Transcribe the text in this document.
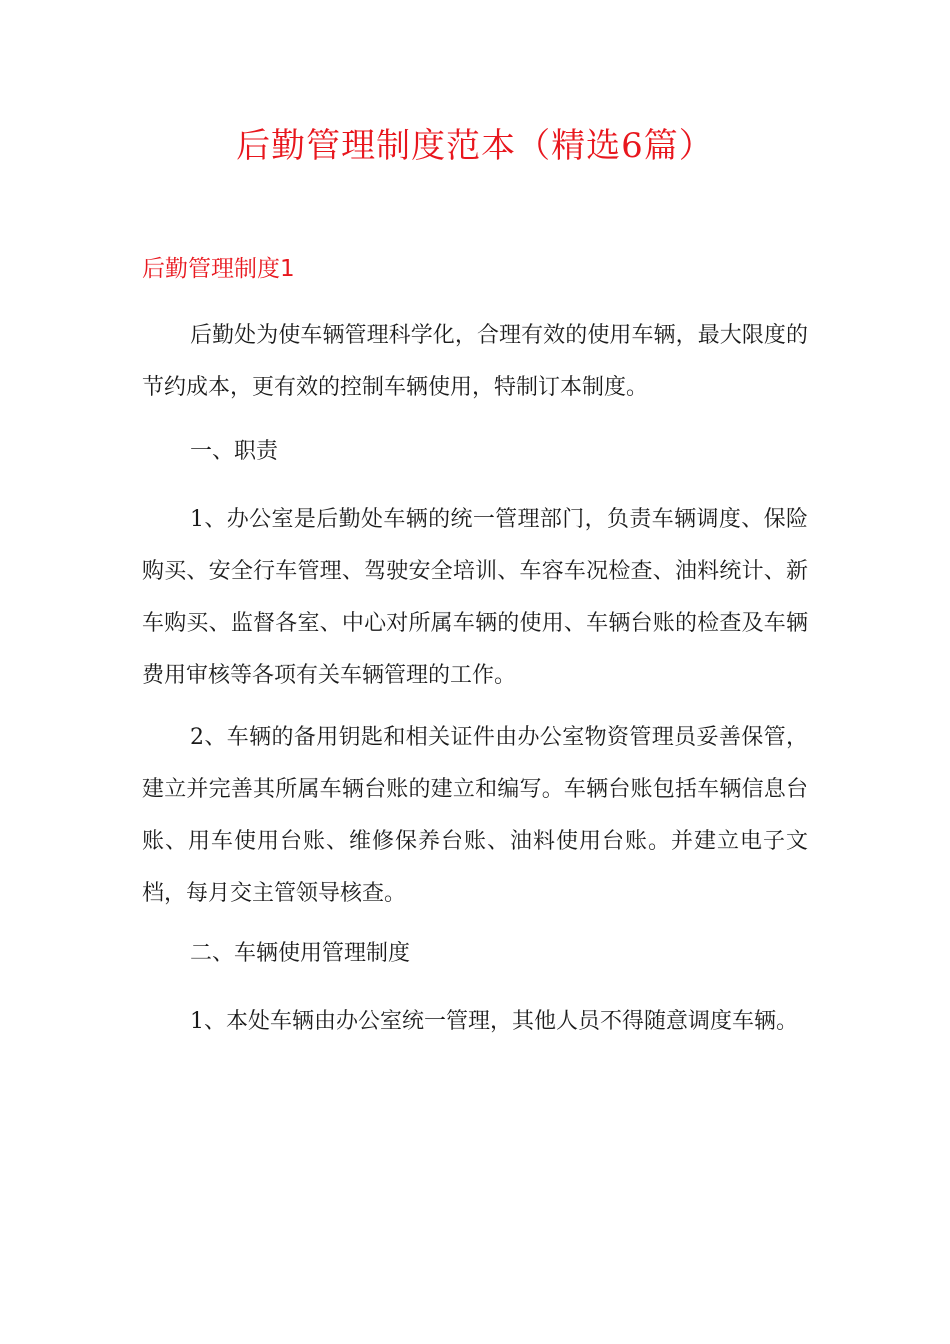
后勤管理制度范本（精选6篇）
后勤管理制度1

后勤处为使车辆管理科学化，合理有效的使用车辆，最大限度的节约成本，更有效的控制车辆使用，特制订本制度。

一、职责

1、办公室是后勤处车辆的统一管理部门，负责车辆调度、保险购买、安全行车管理、驾驶安全培训、车容车况检查、油料统计、新车购买、监督各室、中心对所属车辆的使用、车辆台账的检查及车辆费用审核等各项有关车辆管理的工作。

2、车辆的备用钥匙和相关证件由办公室物资管理员妥善保管，建立并完善其所属车辆台账的建立和编写。车辆台账包括车辆信息台账、用车使用台账、维修保养台账、油料使用台账。并建立电子文档，每月交主管领导核查。

二、车辆使用管理制度

1、本处车辆由办公室统一管理，其他人员不得随意调度车辆。
